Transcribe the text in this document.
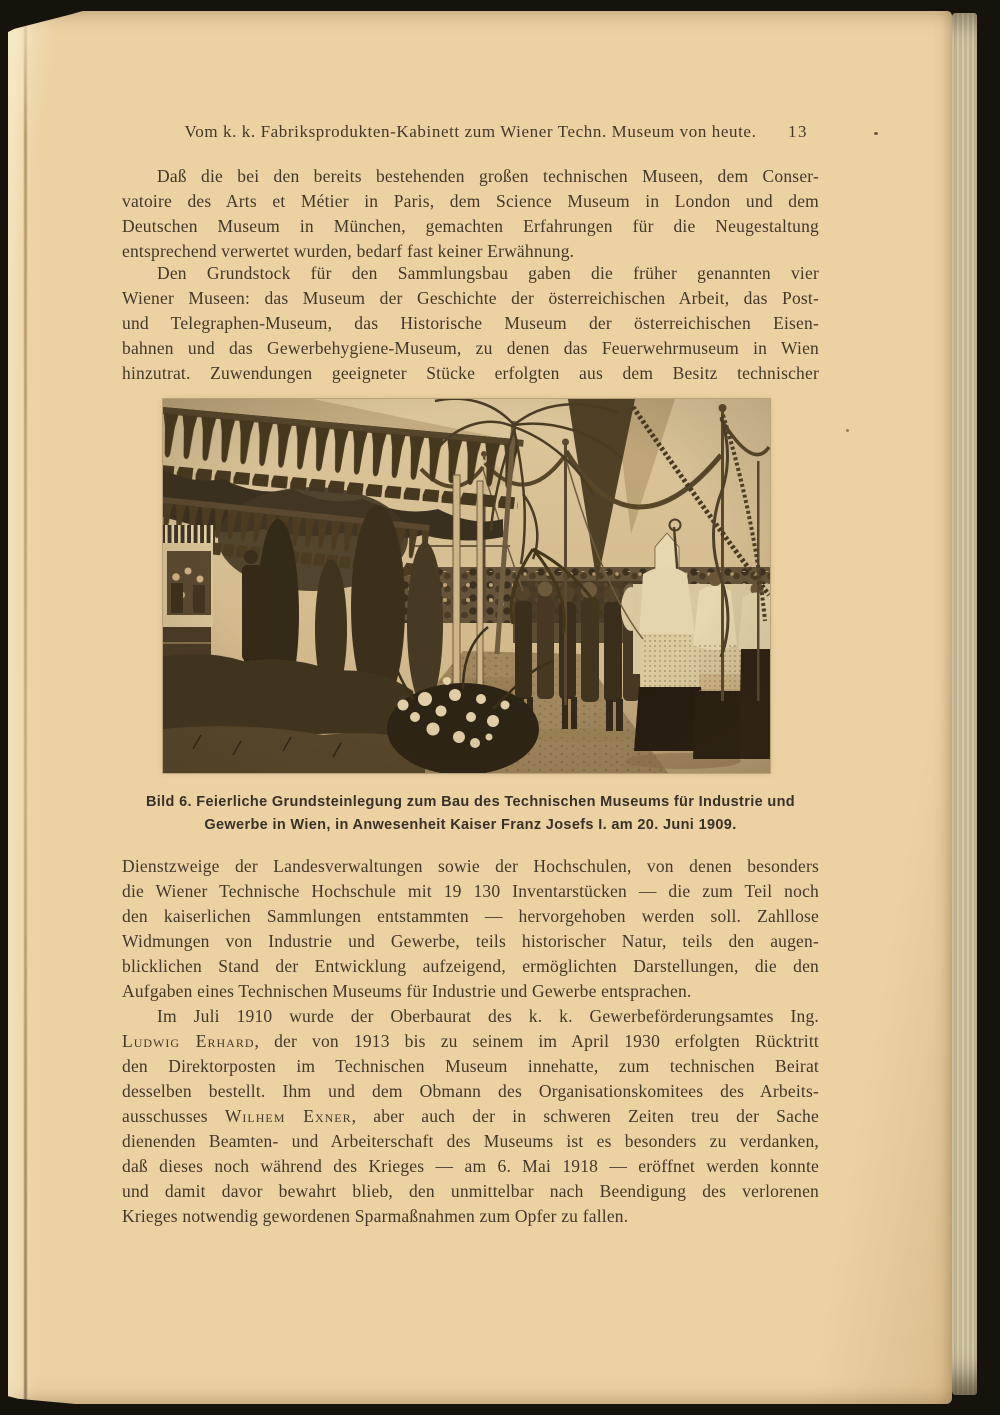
Vom k. k. Fabriksprodukten-Kabinett zum Wiener Techn. Museum von heute. 13
Daß die bei den bereits bestehenden großen technischen Museen, dem Conser-
vatoire des Arts et Métier in Paris, dem Science Museum in London und dem
Deutschen Museum in München, gemachten Erfahrungen für die Neugestaltung
entsprechend verwertet wurden, bedarf fast keiner Erwähnung.
Den Grundstock für den Sammlungsbau gaben die früher genannten vier
Wiener Museen: das Museum der Geschichte der österreichischen Arbeit, das Post-
und Telegraphen-Museum, das Historische Museum der österreichischen Eisen-
bahnen und das Gewerbehygiene-Museum, zu denen das Feuerwehrmuseum in Wien
hinzutrat. Zuwendungen geeigneter Stücke erfolgten aus dem Besitz technischer
Bild 6. Feierliche Grundsteinlegung zum Bau des Technischen Museums für Industrie und
Gewerbe in Wien, in Anwesenheit Kaiser Franz Josefs I. am 20. Juni 1909.
Dienstzweige der Landesverwaltungen sowie der Hochschulen, von denen besonders
die Wiener Technische Hochschule mit 19 130 Inventarstücken — die zum Teil noch
den kaiserlichen Sammlungen entstammten — hervorgehoben werden soll. Zahllose
Widmungen von Industrie und Gewerbe, teils historischer Natur, teils den augen-
blicklichen Stand der Entwicklung aufzeigend, ermöglichten Darstellungen, die den
Aufgaben eines Technischen Museums für Industrie und Gewerbe entsprachen.
Im Juli 1910 wurde der Oberbaurat des k. k. Gewerbeförderungsamtes Ing.
Ludwig Erhard, der von 1913 bis zu seinem im April 1930 erfolgten Rücktritt
den Direktorposten im Technischen Museum innehatte, zum technischen Beirat
desselben bestellt. Ihm und dem Obmann des Organisationskomitees des Arbeits-
ausschusses Wilhem Exner, aber auch der in schweren Zeiten treu der Sache
dienenden Beamten- und Arbeiterschaft des Museums ist es besonders zu verdanken,
daß dieses noch während des Krieges — am 6. Mai 1918 — eröffnet werden konnte
und damit davor bewahrt blieb, den unmittelbar nach Beendigung des verlorenen
Krieges notwendig gewordenen Sparmaßnahmen zum Opfer zu fallen.
